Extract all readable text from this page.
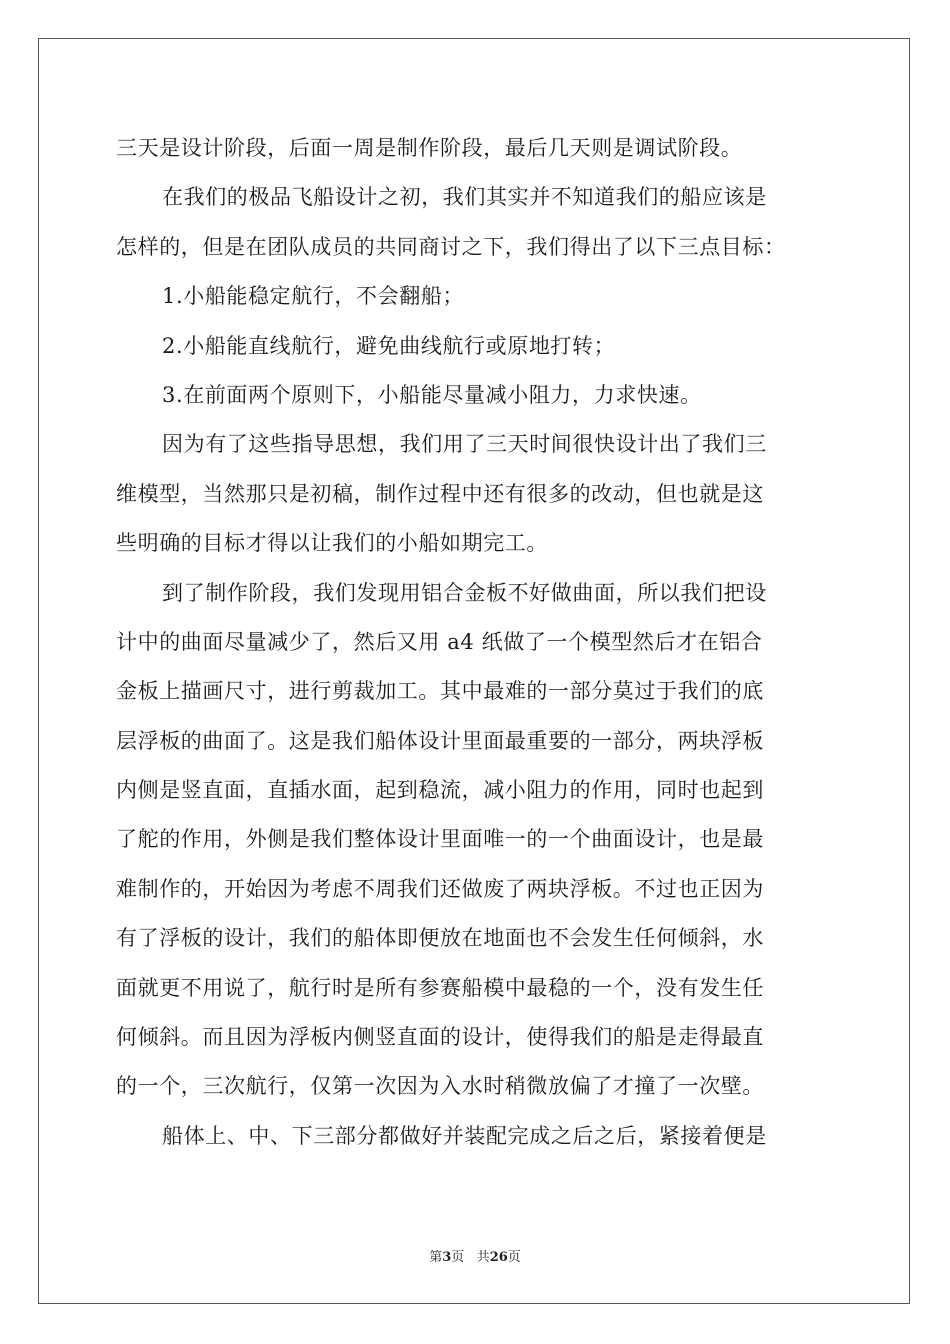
三天是设计阶段，后面一周是制作阶段，最后几天则是调试阶段。
在我们的极品飞船设计之初，我们其实并不知道我们的船应该是
怎样的，但是在团队成员的共同商讨之下，我们得出了以下三点目标：
1.小船能稳定航行，不会翻船；
2.小船能直线航行，避免曲线航行或原地打转；
3.在前面两个原则下，小船能尽量减小阻力，力求快速。
因为有了这些指导思想，我们用了三天时间很快设计出了我们三
维模型，当然那只是初稿，制作过程中还有很多的改动，但也就是这
些明确的目标才得以让我们的小船如期完工。
到了制作阶段，我们发现用铝合金板不好做曲面，所以我们把设
计中的曲面尽量减少了，然后又用 a4 纸做了一个模型然后才在铝合
金板上描画尺寸，进行剪裁加工。其中最难的一部分莫过于我们的底
层浮板的曲面了。这是我们船体设计里面最重要的一部分，两块浮板
内侧是竖直面，直插水面，起到稳流，减小阻力的作用，同时也起到
了舵的作用，外侧是我们整体设计里面唯一的一个曲面设计，也是最
难制作的，开始因为考虑不周我们还做废了两块浮板。不过也正因为
有了浮板的设计，我们的船体即便放在地面也不会发生任何倾斜，水
面就更不用说了，航行时是所有参赛船模中最稳的一个，没有发生任
何倾斜。而且因为浮板内侧竖直面的设计，使得我们的船是走得最直
的一个，三次航行，仅第一次因为入水时稍微放偏了才撞了一次壁。
船体上、中、下三部分都做好并装配完成之后之后，紧接着便是
第3页 共26页
